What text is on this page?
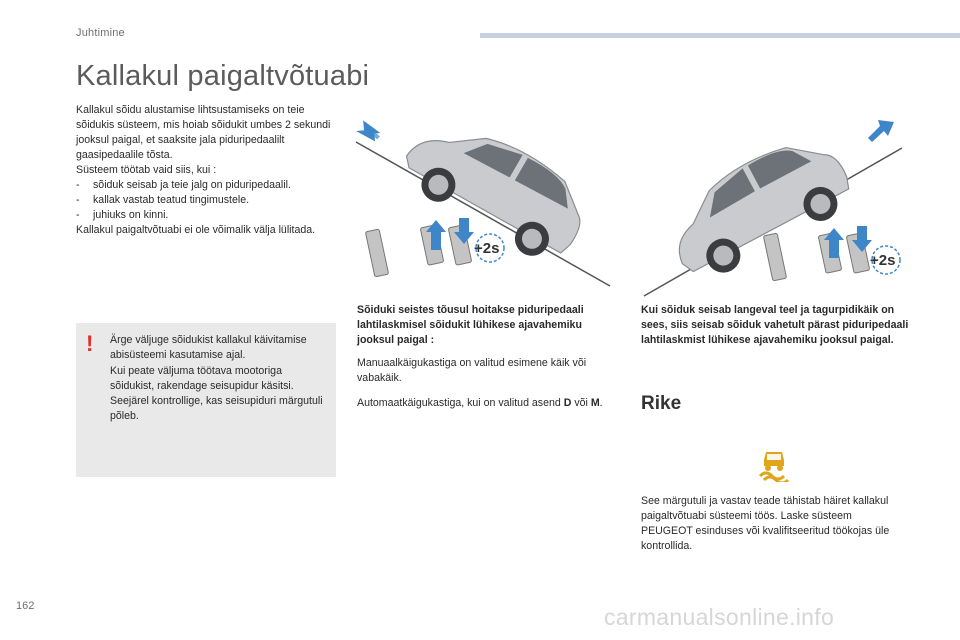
Juhtimine
Kallakul paigaltvõtuabi

Kallakul sõidu alustamise lihtsustamiseks on teie sõidukis süsteem, mis hoiab sõidukit umbes 2 sekundi jooksul paigal, et saaksite jala piduripedaalilt gaasipedaalile tõsta.

Süsteem töötab vaid siis, kui :

-	sõiduk seisab ja teie jalg on piduripedaalil.
-	kallak vastab teatud tingimustele.
-	juhiuks on kinni.

Kallakul paigaltvõtuabi ei ole võimalik välja lülitada.

! Ärge väljuge sõidukist kallakul käivitamise abisüsteemi kasutamise ajal.

Kui peate väljuma töötava mootoriga sõidukist, rakendage seisupidur käsitsi. Seejärel kontrollige, kas seisupiduri märgutuli põleb.

+2s
+2s
Sõiduki seistes tõusul hoitakse piduripedaali lahtilaskmisel sõidukit lühikese ajavahemiku jooksul paigal :

Manuaalkäigukastiga on valitud esimene käik või vabakäik.

Automaatkäigukastiga, kui on valitud asend D või M.

Kui sõiduk seisab langeval teel ja tagurpidikäik on sees, siis seisab sõiduk vahetult pärast piduripedaali lahtilaskmist lühikese ajavahemiku jooksul paigal.
Rike
See märgutuli ja vastav teade tähistab häiret kallakul paigaltvõtuabi süsteemi töös. Laske süsteem PEUGEOT esinduses või kvalifitseeritud töökojas üle kontrollida.
162	carmanualsonline.info
